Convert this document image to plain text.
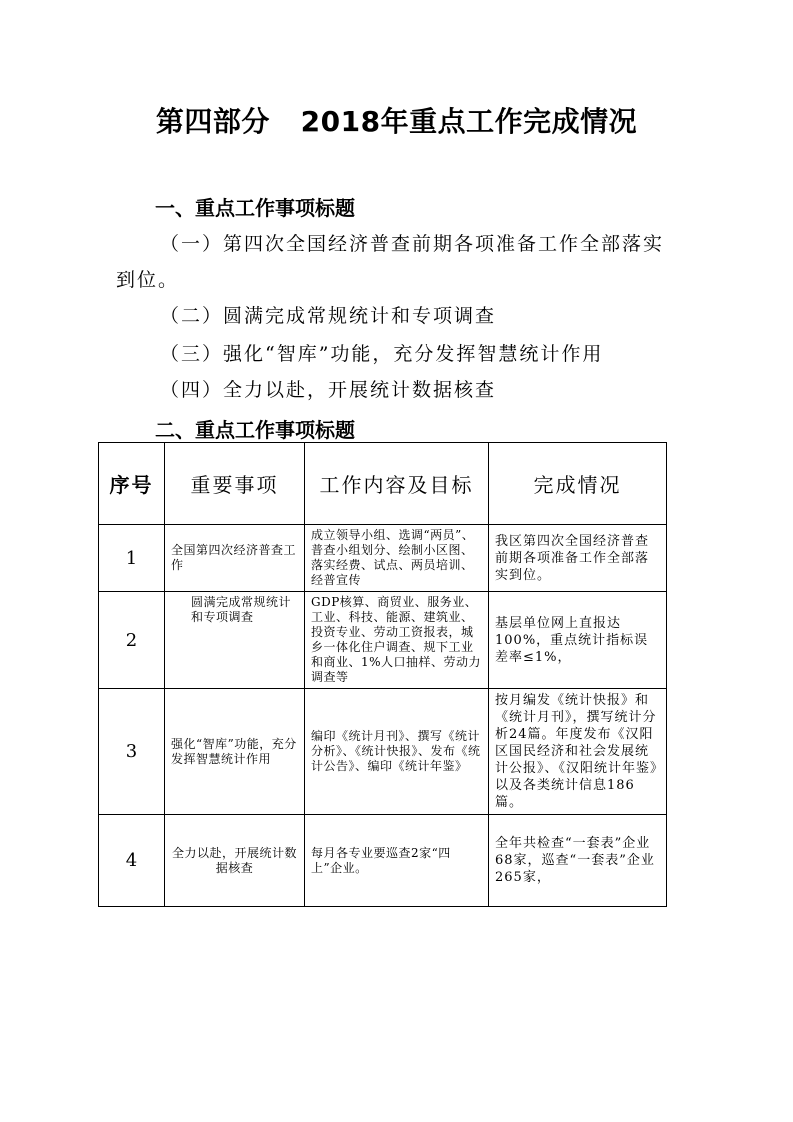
第四部分   2018年重点工作完成情况
一、重点工作事项标题
（一）第四次全国经济普查前期各项准备工作全部落实
到位。
（二）圆满完成常规统计和专项调查
（三）强化“智库”功能，充分发挥智慧统计作用
（四）全力以赴，开展统计数据核查
二、重点工作事项标题
序号	重要事项	工作内容及目标	完成情况
1	全国第四次经济普查工作	成立领导小组、选调“两员”、普查小组划分、绘制小区图、落实经费、试点、两员培训、经普宣传	我区第四次全国经济普查前期各项准备工作全部落实到位。
2	圆满完成常规统计和专项调查	GDP核算、商贸业、服务业、工业、科技、能源、建筑业、投资专业、劳动工资报表，城乡一体化住户调查、规下工业和商业、1%人口抽样、劳动力调查等	基层单位网上直报达100%，重点统计指标误差率≤1%，
3	强化“智库”功能，充分发挥智慧统计作用	编印《统计月刊》、撰写《统计分析》、《统计快报》、发布《统计公告》、编印《统计年鉴》	按月编发《统计快报》和《统计月刊》，撰写统计分析24篇。年度发布《汉阳区国民经济和社会发展统计公报》、《汉阳统计年鉴》以及各类统计信息186篇。
4	全力以赴，开展统计数据核查	每月各专业要巡查2家“四上”企业。	全年共检查“一套表”企业68家，巡查“一套表”企业265家，
